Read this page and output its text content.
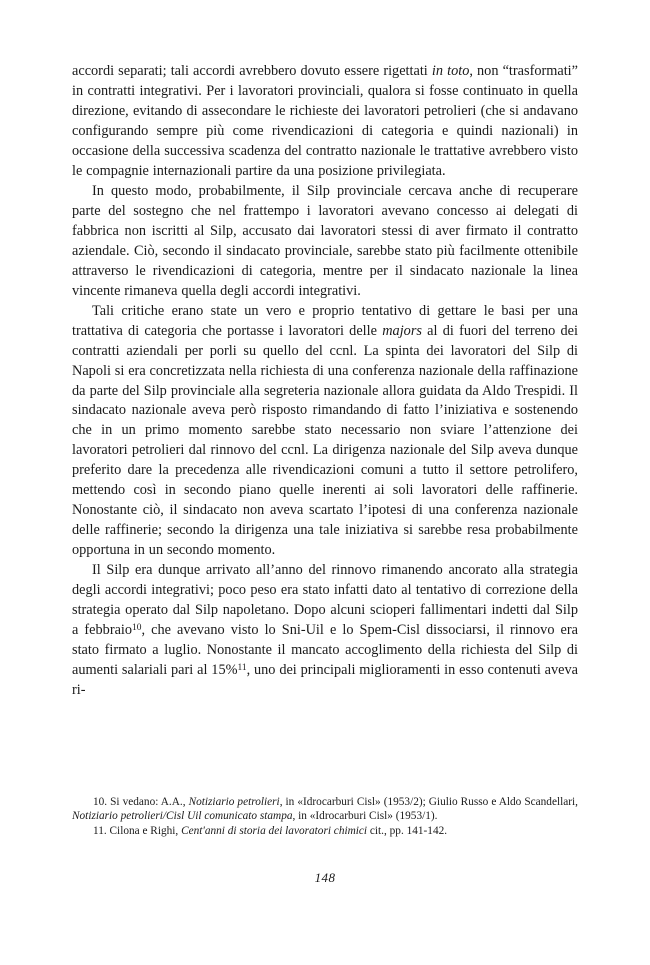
accordi separati; tali accordi avrebbero dovuto essere rigettati in toto, non “trasformati” in contratti integrativi. Per i lavoratori provinciali, qualora si fosse continuato in quella direzione, evitando di assecondare le richieste dei lavoratori petrolieri (che si andavano configurando sempre più come rivendicazioni di categoria e quindi nazionali) in occasione della successiva scadenza del contratto nazionale le trattative avrebbero visto le compagnie internazionali partire da una posizione privilegiata.

In questo modo, probabilmente, il Silp provinciale cercava anche di recuperare parte del sostegno che nel frattempo i lavoratori avevano concesso ai delegati di fabbrica non iscritti al Silp, accusato dai lavoratori stessi di aver firmato il contratto aziendale. Ciò, secondo il sindacato provinciale, sarebbe stato più facilmente ottenibile attraverso le rivendicazioni di categoria, mentre per il sindacato nazionale la linea vincente rimaneva quella degli accordi integrativi.

Tali critiche erano state un vero e proprio tentativo di gettare le basi per una trattativa di categoria che portasse i lavoratori delle majors al di fuori del terreno dei contratti aziendali per porli su quello del ccnl. La spinta dei lavoratori del Silp di Napoli si era concretizzata nella richiesta di una conferenza nazionale della raffinazione da parte del Silp provinciale alla segreteria nazionale allora guidata da Aldo Trespidi. Il sindacato nazionale aveva però risposto rimandando di fatto l’iniziativa e sostenendo che in un primo momento sarebbe stato necessario non sviare l’attenzione dei lavoratori petrolieri dal rinnovo del ccnl. La dirigenza nazionale del Silp aveva dunque preferito dare la precedenza alle rivendicazioni comuni a tutto il settore petrolifero, mettendo così in secondo piano quelle inerenti ai soli lavoratori delle raffinerie. Nonostante ciò, il sindacato non aveva scartato l’ipotesi di una conferenza nazionale delle raffinerie; secondo la dirigenza una tale iniziativa si sarebbe resa probabilmente opportuna in un secondo momento.

Il Silp era dunque arrivato all’anno del rinnovo rimanendo ancorato alla strategia degli accordi integrativi; poco peso era stato infatti dato al tentativo di correzione della strategia operato dal Silp napoletano. Dopo alcuni scioperi fallimentari indetti dal Silp a febbraio$^{10}$, che avevano visto lo Sni-Uil e lo Spem-Cisl dissociarsi, il rinnovo era stato firmato a luglio. Nonostante il mancato accoglimento della richiesta del Silp di aumenti salariali pari al 15%$^{11}$, uno dei principali miglioramenti in esso contenuti aveva ri-

10. Si vedano: A.A., Notiziario petrolieri, in «Idrocarburi Cisl» (1953/2); Giulio Russo e Aldo Scandellari, Notiziario petrolieri/Cisl Uil comunicato stampa, in «Idrocarburi Cisl» (1953/1).

11. Cilona e Righi, Cent'anni di storia dei lavoratori chimici cit., pp. 141-142.

148
